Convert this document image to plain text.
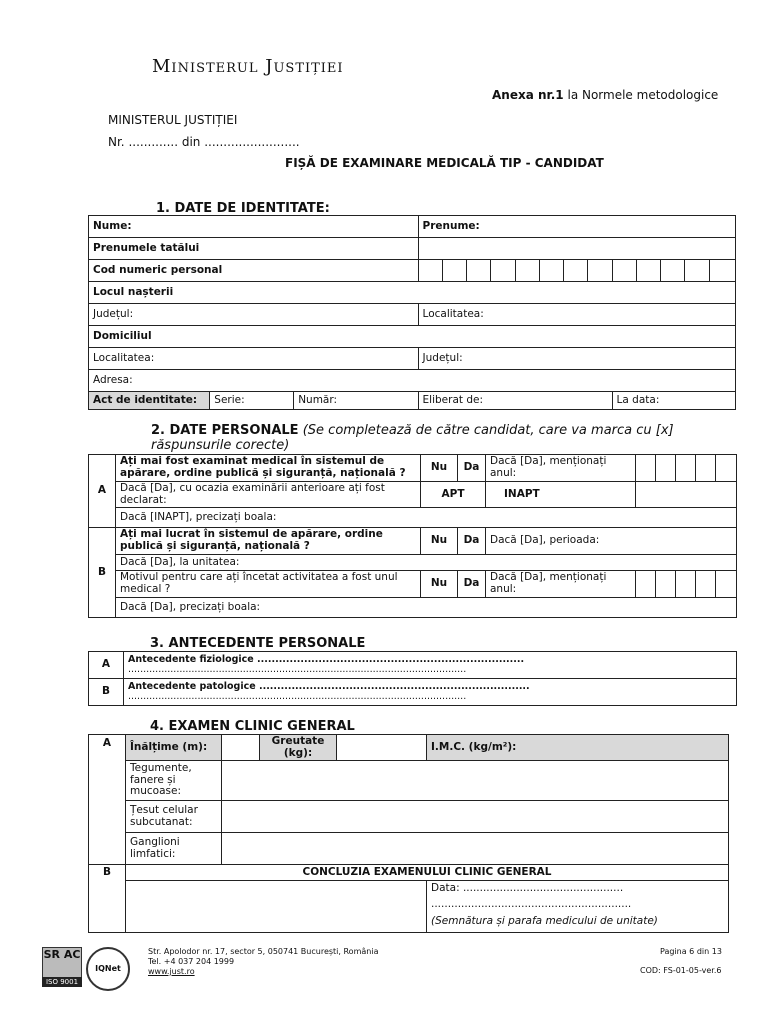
Ministerul Justiției
Anexa nr.1 la Normele metodologice
MINISTERUL JUSTIȚIEI
Nr. ............. din .........................
FIȘĂ DE EXAMINARE MEDICALĂ TIP - CANDIDAT
1. DATE DE IDENTITATE:
Nume:			Prenume:												
Prenumele tatălui															
Cod numeric personal															
Locul nașterii															
Județul:			Localitatea:												
Domiciliul															
Localitatea:			Județul:												
Adresa:															
Act de identitate:	Serie:	Număr:	Eliberat de:								La data:				
2. DATE PERSONALE (Se completează de către candidat, care va marca cu [x] răspunsurile corecte)
A	Ați mai fost examinat medical în sistemul de apărare, ordine publică și siguranță, națională ?	Nu	Da	Dacă [Da], menționați anul:					
	Dacă [Da], cu ocazia examinării anterioare ați fost declarat:	APT		INAPT					
	Dacă [INAPT], precizați boala:								
B	Ați mai lucrat în sistemul de apărare, ordine publică și siguranță, națională ?	Nu	Da	Dacă [Da], perioada:					
	Dacă [Da], la unitatea:								
	Motivul pentru care ați încetat activitatea a fost unul medical ?	Nu	Da	Dacă [Da], menționați anul:					
	Dacă [Da], precizați boala:								
3. ANTECEDENTE PERSONALE
A	Antecedente fiziologice ..........................................................................
................................................................................................................

B	Antecedente patologice ...........................................................................
................................................................................................................
4. EXAMEN CLINIC GENERAL
A	Înălțime (m):		Greutate (kg):		I.M.C. (kg/m²):
	Tegumente, fanere și mucoase:				
	Țesut celular subcutanat:				
	Ganglioni limfatici:				
B	CONCLUZIA EXAMENULUI CLINIC GENERAL				

					Data: ................................................
............................................................
(Semnătura și parafa medicului de unitate)
SR AC
ISO 9001
IQNet
Str. Apolodor nr. 17, sector 5, 050741 București, România
Tel. +4 037 204 1999
www.just.ro
Pagina 6 din 13
COD: FS-01-05-ver.6
